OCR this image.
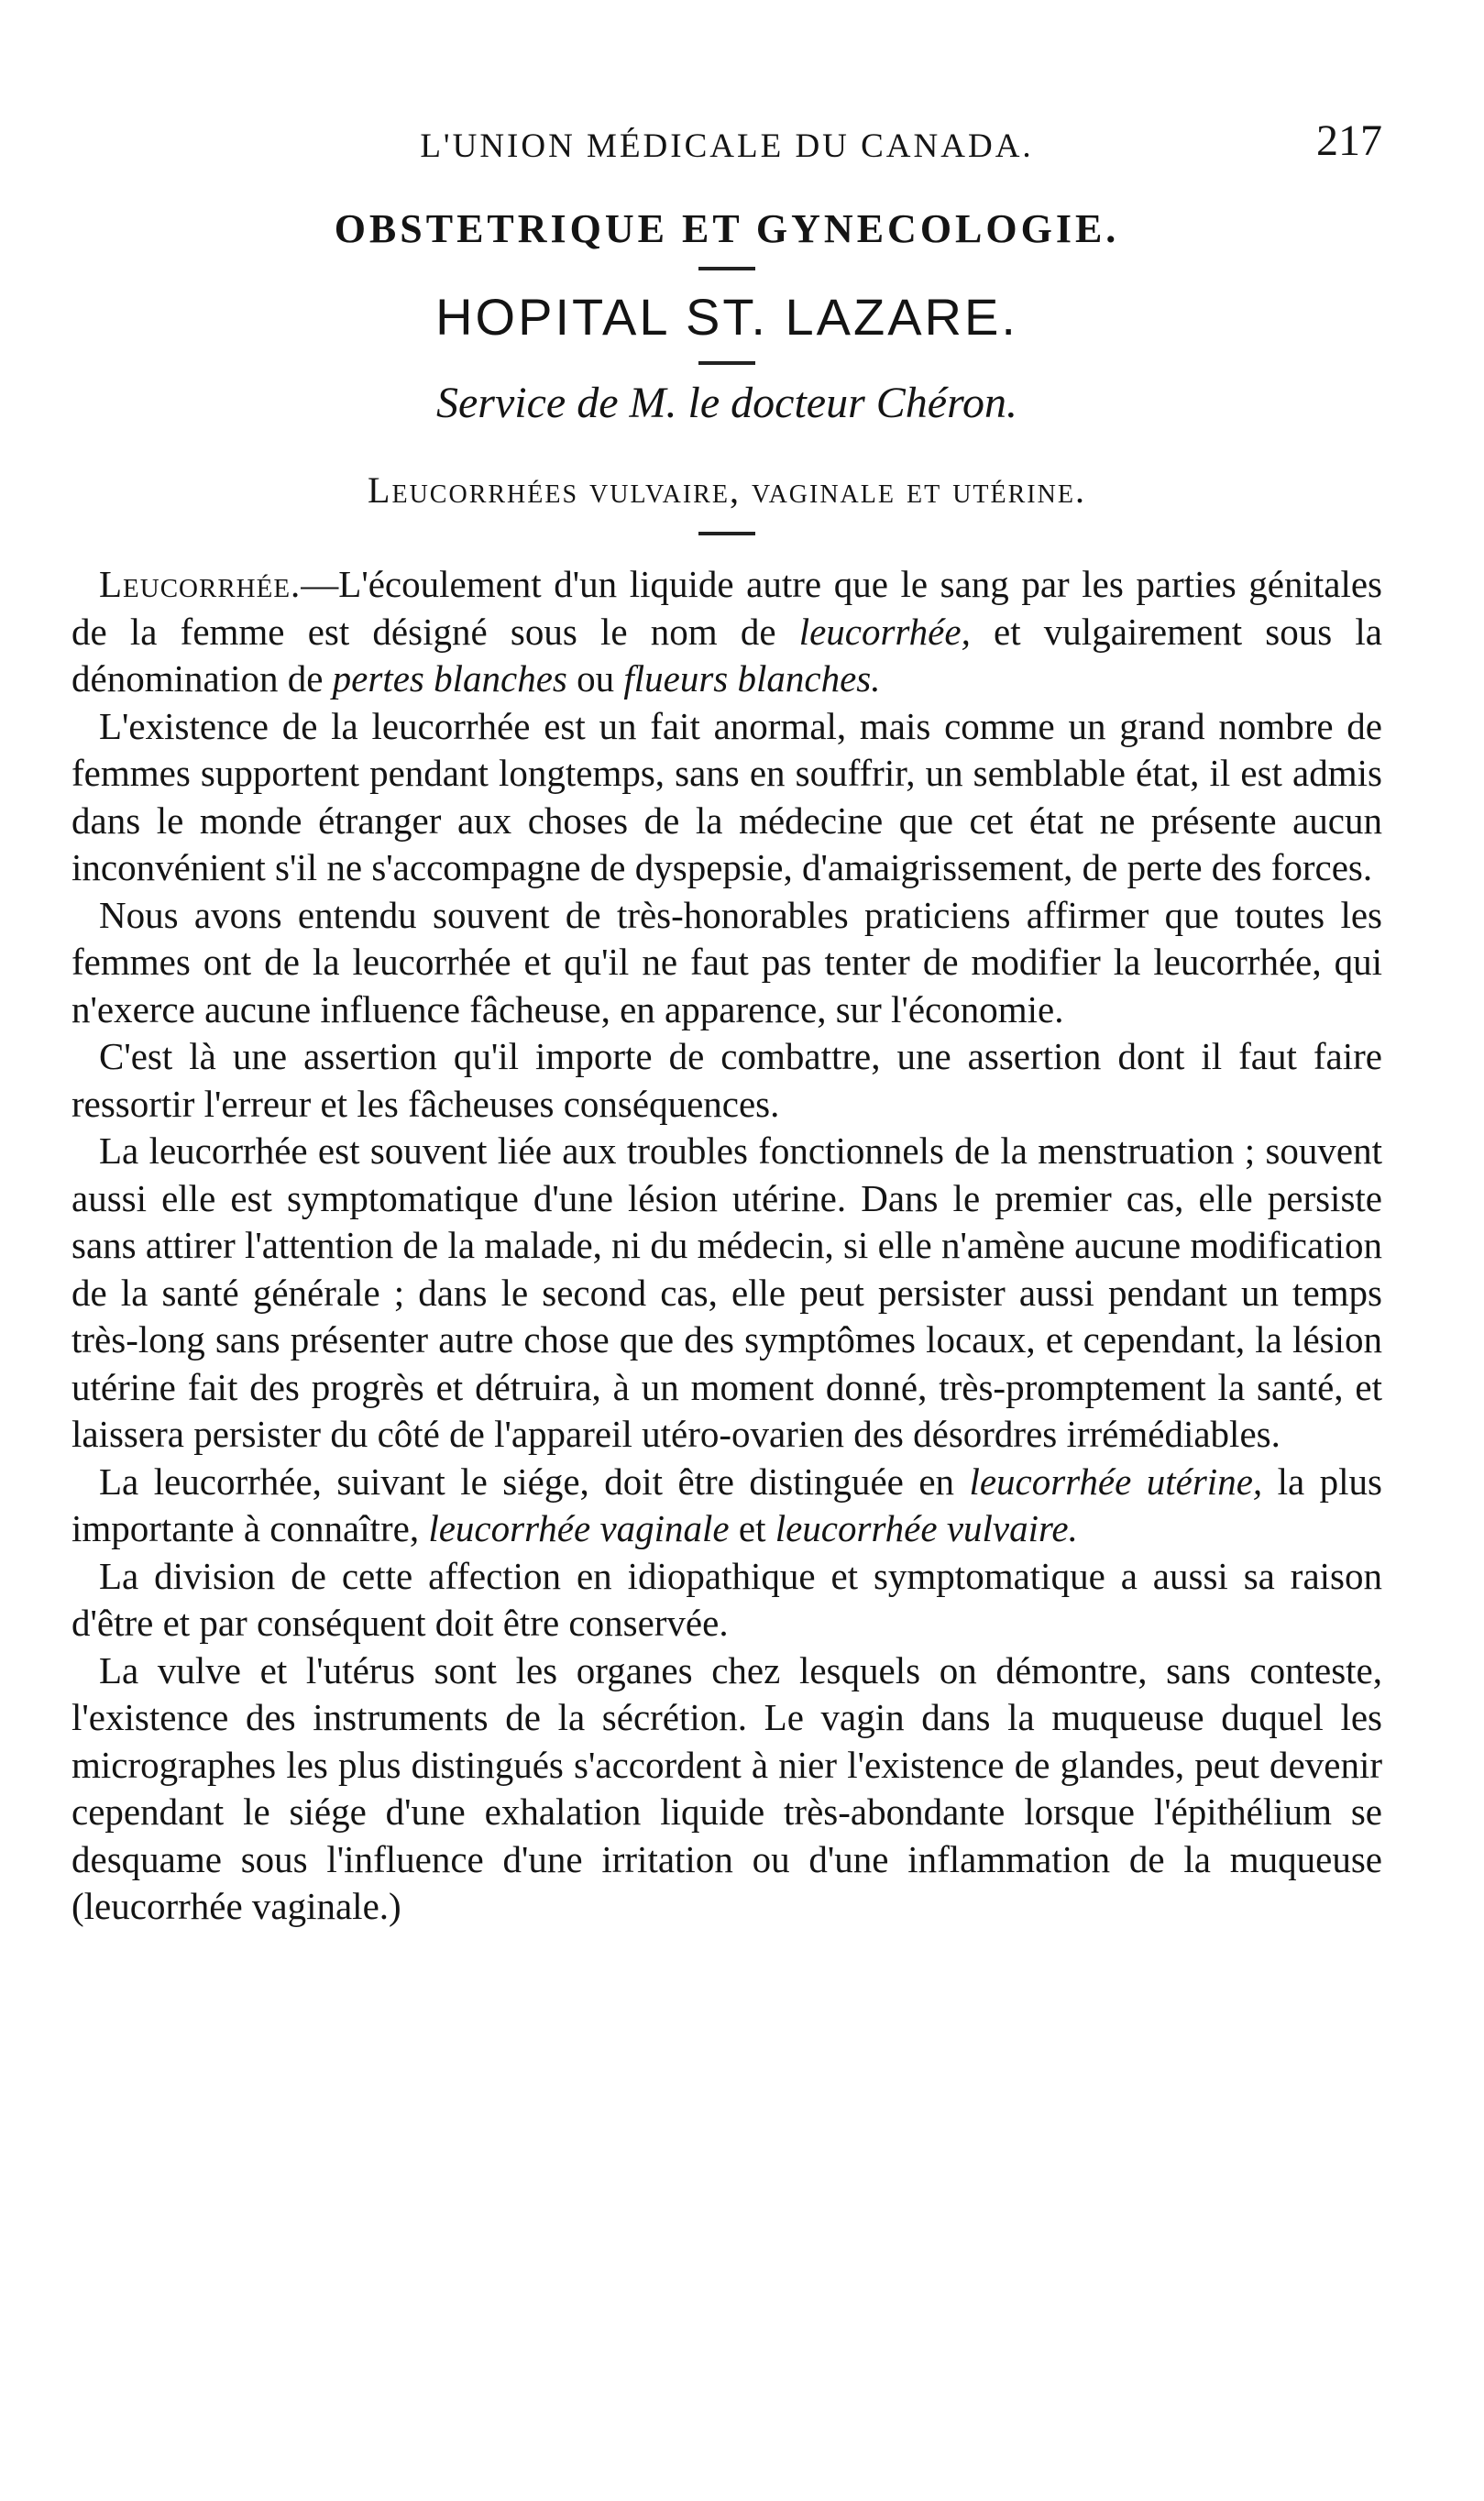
L'UNION MÉDICALE DU CANADA.	217
OBSTETRIQUE ET GYNECOLOGIE.
HOPITAL ST. LAZARE.
Service de M. le docteur Chéron.
Leucorrhées vulvaire, vaginale et utérine.

Leucorrhée.—L'écoulement d'un liquide autre que le sang par les parties génitales de la femme est désigné sous le nom de leucorrhée, et vulgairement sous la dénomination de pertes blanches ou flueurs blanches.

L'existence de la leucorrhée est un fait anormal, mais comme un grand nombre de femmes supportent pendant longtemps, sans en souffrir, un semblable état, il est admis dans le monde étranger aux choses de la médecine que cet état ne présente aucun inconvénient s'il ne s'accompagne de dyspepsie, d'amaigrissement, de perte des forces.

Nous avons entendu souvent de très-honorables praticiens affirmer que toutes les femmes ont de la leucorrhée et qu'il ne faut pas tenter de modifier la leucorrhée, qui n'exerce aucune influence fâcheuse, en apparence, sur l'économie.

C'est là une assertion qu'il importe de combattre, une assertion dont il faut faire ressortir l'erreur et les fâcheuses conséquences.

La leucorrhée est souvent liée aux troubles fonctionnels de la menstruation ; souvent aussi elle est symptomatique d'une lésion utérine. Dans le premier cas, elle persiste sans attirer l'attention de la malade, ni du médecin, si elle n'amène aucune modification de la santé générale ; dans le second cas, elle peut persister aussi pendant un temps très-long sans présenter autre chose que des symptômes locaux, et cependant, la lésion utérine fait des progrès et détruira, à un moment donné, très-promptement la santé, et laissera persister du côté de l'appareil utéro-ovarien des désordres irrémédiables.

La leucorrhée, suivant le siége, doit être distinguée en leucorrhée utérine, la plus importante à connaître, leucorrhée vaginale et leucorrhée vulvaire.

La division de cette affection en idiopathique et symptomatique a aussi sa raison d'être et par conséquent doit être conservée.

La vulve et l'utérus sont les organes chez lesquels on démontre, sans conteste, l'existence des instruments de la sécrétion. Le vagin dans la muqueuse duquel les micrographes les plus distingués s'accordent à nier l'existence de glandes, peut devenir cependant le siége d'une exhalation liquide très-abondante lorsque l'épithélium se desquame sous l'influence d'une irritation ou d'une inflammation de la muqueuse (leucorrhée vaginale.)
